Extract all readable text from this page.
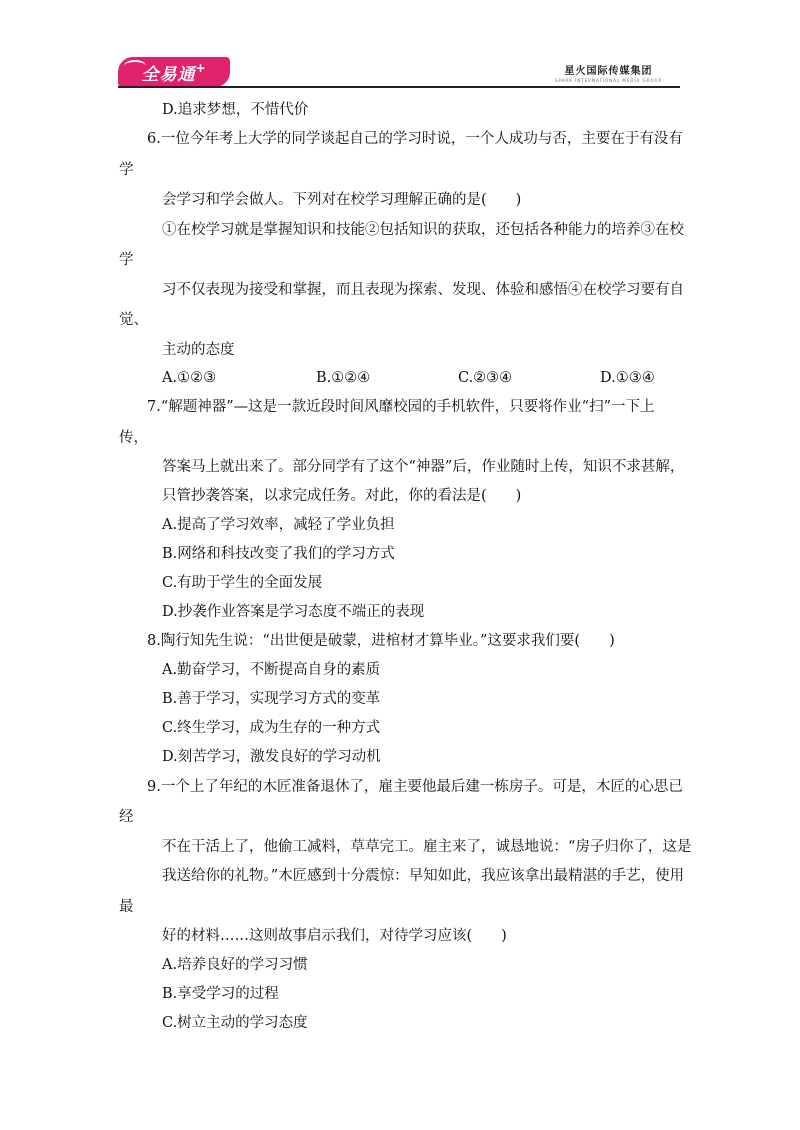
全易通 +	星火国际传媒集团
SPARK INTERNATIONAL MEDIA GROUP
D.追求梦想，不惜代价
6.一位今年考上大学的同学谈起自己的学习时说，一个人成功与否，主要在于有没有
学
会学习和学会做人。下列对在校学习理解正确的是(　　)
①在校学习就是掌握知识和技能②包括知识的获取，还包括各种能力的培养③在校
学
习不仅表现为接受和掌握，而且表现为探索、发现、体验和感悟④在校学习要有自
觉、
主动的态度
A.①②③	B.①②④	C.②③④	D.①③④
7.“解题神器”—这是一款近段时间风靡校园的手机软件，只要将作业“扫”一下上
传，
答案马上就出来了。部分同学有了这个“神器”后，作业随时上传，知识不求甚解，
只管抄袭答案，以求完成任务。对此，你的看法是(　　)
A.提高了学习效率，减轻了学业负担
B.网络和科技改变了我们的学习方式
C.有助于学生的全面发展
D.抄袭作业答案是学习态度不端正的表现
8.陶行知先生说：“出世便是破蒙，进棺材才算毕业。”这要求我们要(　　)
A.勤奋学习，不断提高自身的素质
B.善于学习，实现学习方式的变革
C.终生学习，成为生存的一种方式
D.刻苦学习，激发良好的学习动机
9.一个上了年纪的木匠准备退休了，雇主要他最后建一栋房子。可是，木匠的心思已
经
不在干活上了，他偷工减料，草草完工。雇主来了，诚恳地说：“房子归你了，这是
我送给你的礼物。”木匠感到十分震惊：早知如此，我应该拿出最精湛的手艺，使用
最
好的材料……这则故事启示我们，对待学习应该(　　)
A.培养良好的学习习惯
B.享受学习的过程
C.树立主动的学习态度
